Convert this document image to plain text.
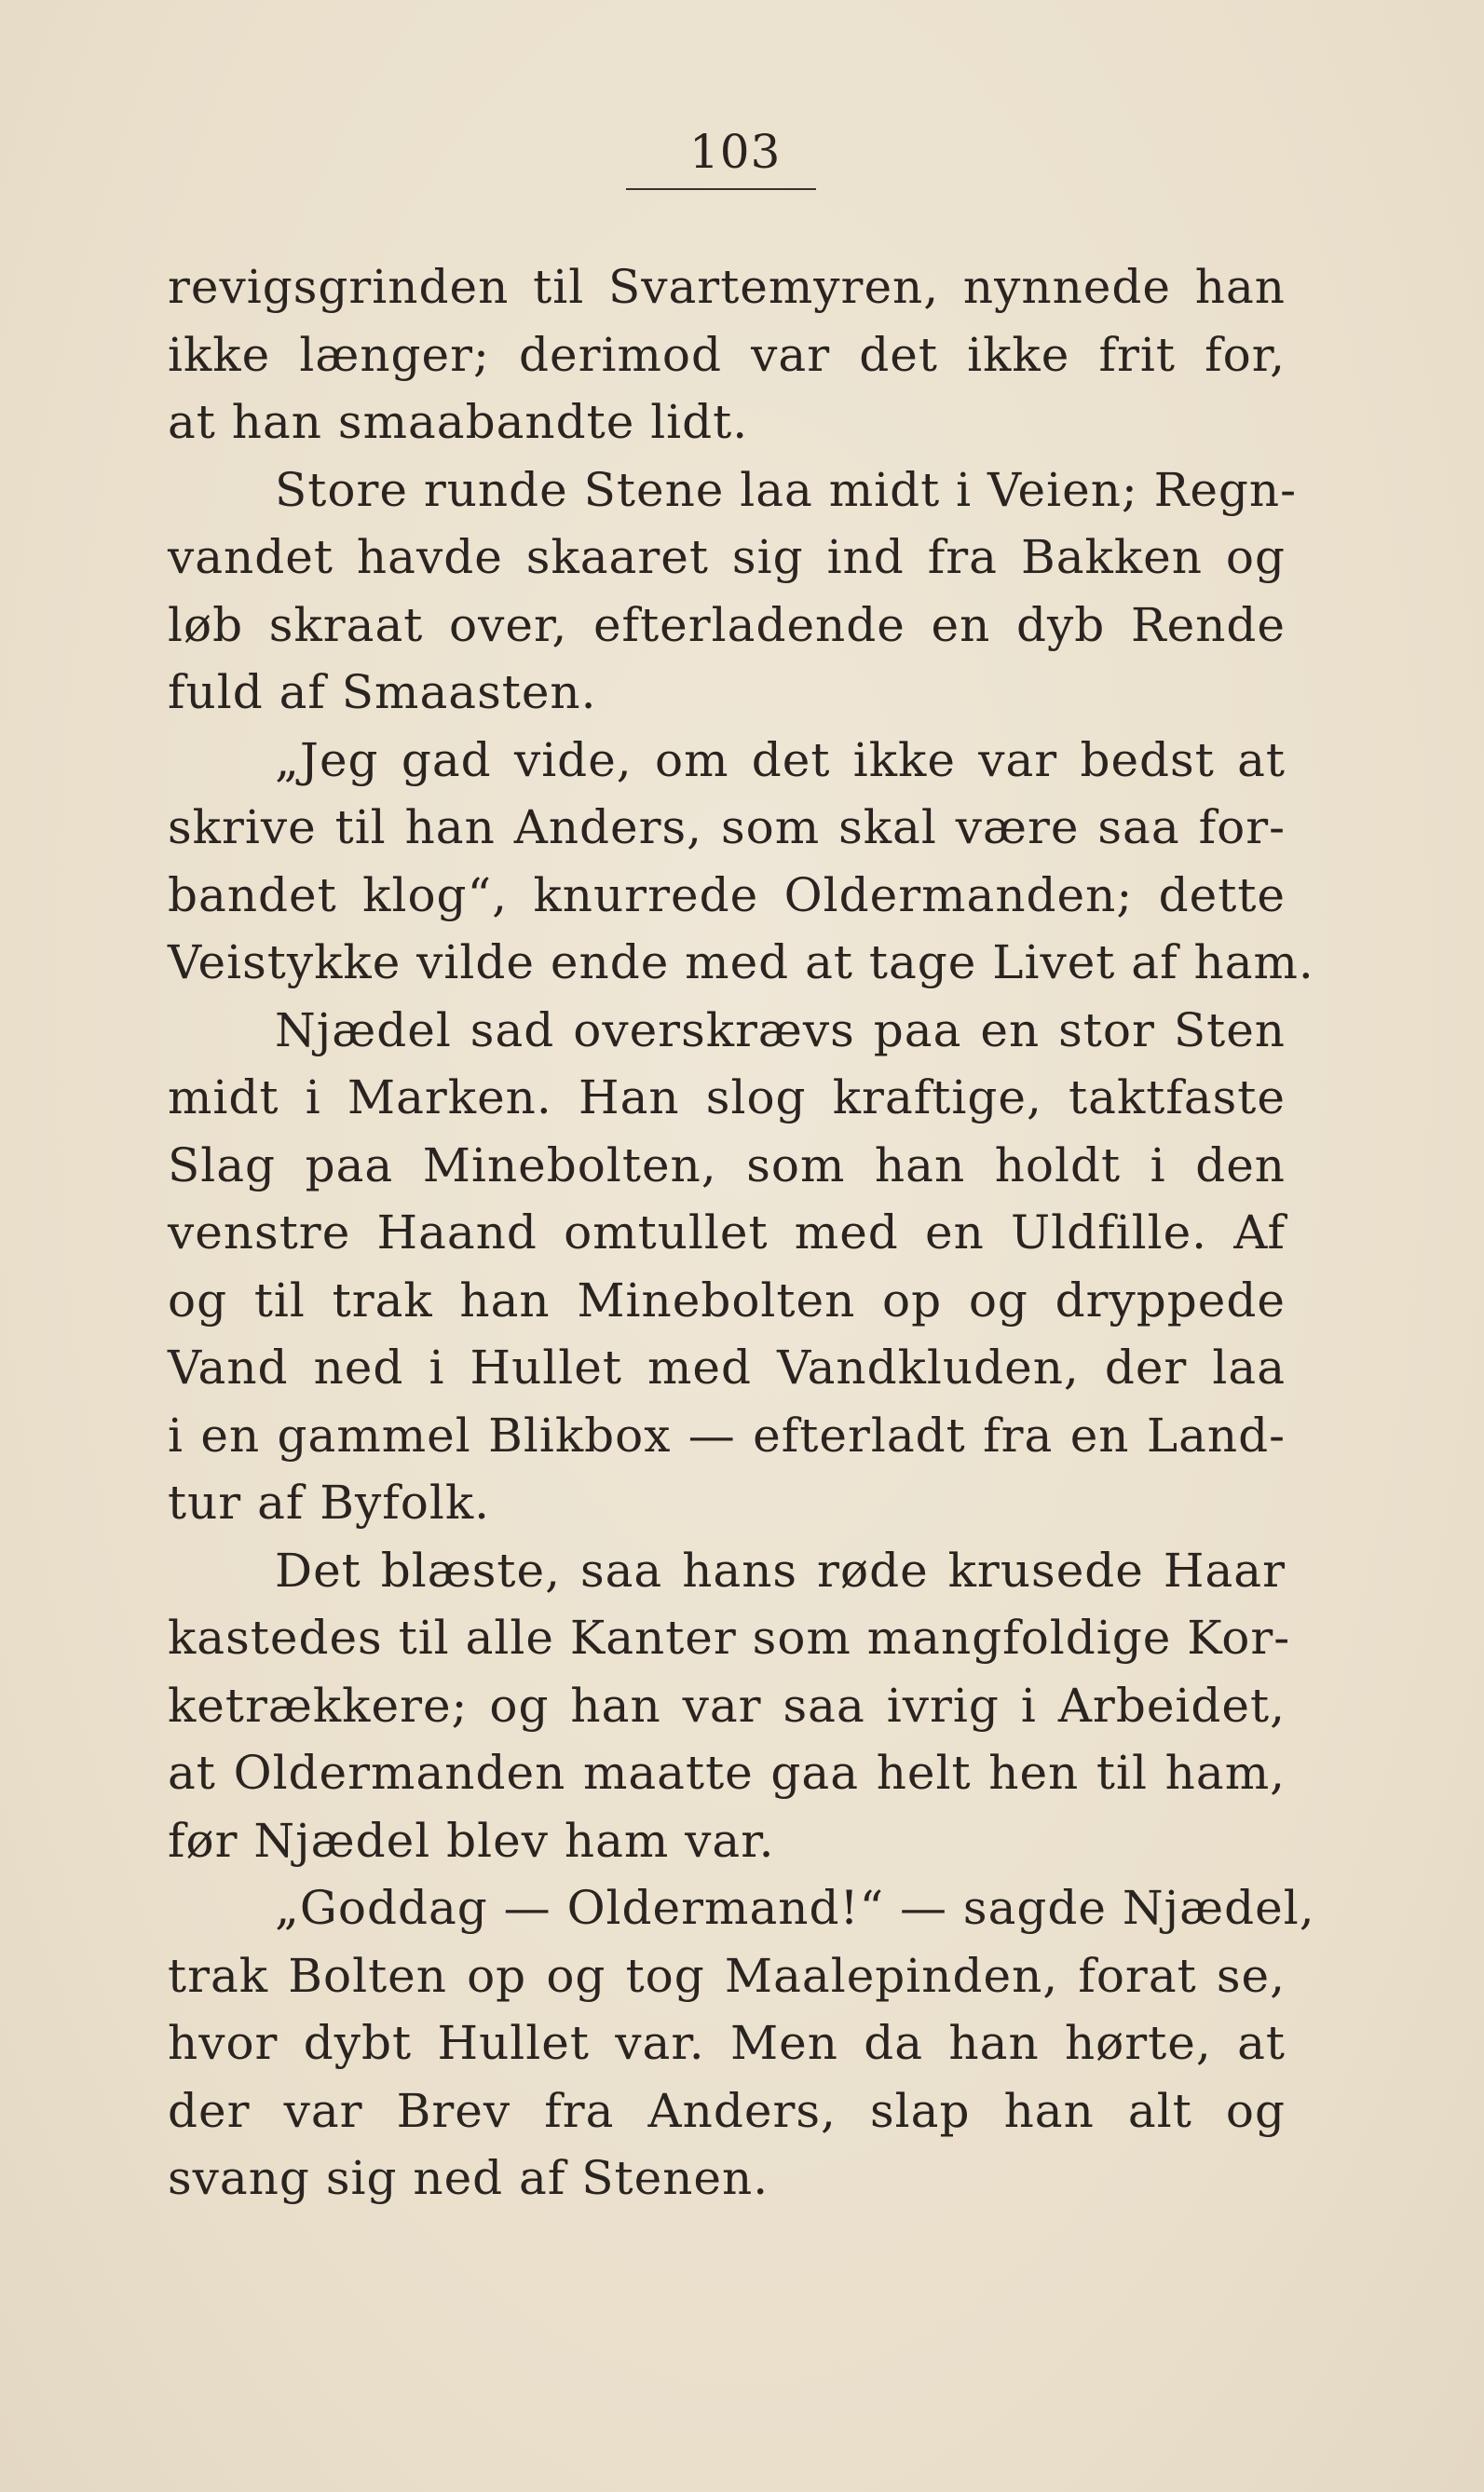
103
revigsgrinden til Svartemyren, nynnede han
ikke længer; derimod var det ikke frit for,
at han smaabandte lidt.
Store runde Stene laa midt i Veien; Regn-
vandet havde skaaret sig ind fra Bakken og
løb skraat over, efterladende en dyb Rende
fuld af Smaasten.
„Jeg gad vide, om det ikke var bedst at
skrive til han Anders, som skal være saa for-
bandet klog“, knurrede Oldermanden; dette
Veistykke vilde ende med at tage Livet af ham.
Njædel sad overskrævs paa en stor Sten
midt i Marken. Han slog kraftige, taktfaste
Slag paa Minebolten, som han holdt i den
venstre Haand omtullet med en Uldfille. Af
og til trak han Minebolten op og dryppede
Vand ned i Hullet med Vandkluden, der laa
i en gammel Blikbox — efterladt fra en Land-
tur af Byfolk.
Det blæste, saa hans røde krusede Haar
kastedes til alle Kanter som mangfoldige Kor-
ketrækkere; og han var saa ivrig i Arbeidet,
at Oldermanden maatte gaa helt hen til ham,
før Njædel blev ham var.
„Goddag — Oldermand!“ — sagde Njædel,
trak Bolten op og tog Maalepinden, forat se,
hvor dybt Hullet var. Men da han hørte, at
der var Brev fra Anders, slap han alt og
svang sig ned af Stenen.
